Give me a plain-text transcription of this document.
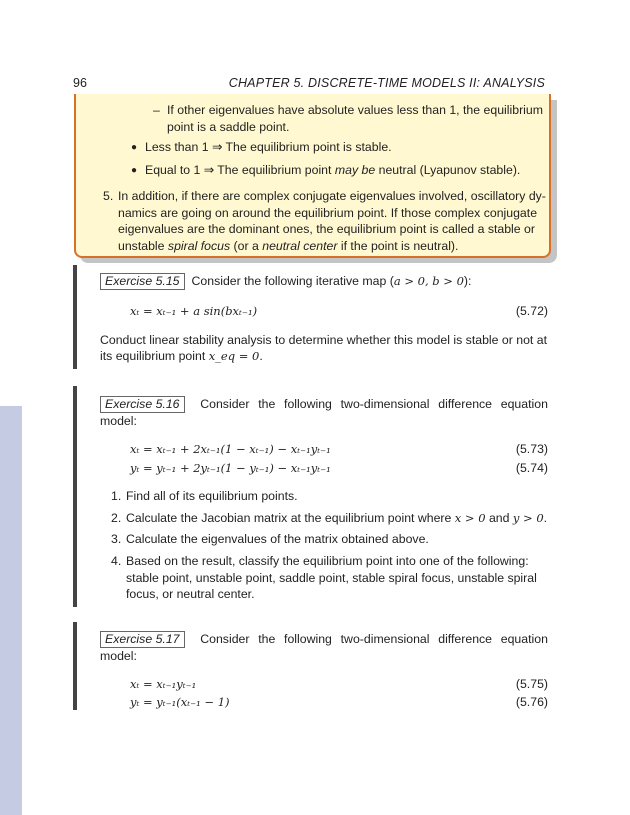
96	CHAPTER 5. DISCRETE-TIME MODELS II: ANALYSIS
– If other eigenvalues have absolute values less than 1, the equilibrium
point is a saddle point.
● Less than 1 ⇒ The equilibrium point is stable.
● Equal to 1 ⇒ The equilibrium point may be neutral (Lyapunov stable).
5. In addition, if there are complex conjugate eigenvalues involved, oscillatory dy-
namics are going on around the equilibrium point. If those complex conjugate
eigenvalues are the dominant ones, the equilibrium point is called a stable or
unstable spiral focus (or a neutral center if the point is neutral).
Exercise 5.15 Consider the following iterative map (a > 0, b > 0):
xₜ = xₜ₋₁ + a sin(bxₜ₋₁)	(5.72)
Conduct linear stability analysis to determine whether this model is stable or not at
its equilibrium point x_eq = 0.
Exercise 5.16	Consider the following two-dimensional difference equation
model:
xₜ = xₜ₋₁ + 2xₜ₋₁(1 − xₜ₋₁) − xₜ₋₁yₜ₋₁	(5.73)
yₜ = yₜ₋₁ + 2yₜ₋₁(1 − yₜ₋₁) − xₜ₋₁yₜ₋₁	(5.74)
1. Find all of its equilibrium points.
2. Calculate the Jacobian matrix at the equilibrium point where x > 0 and y > 0.
3. Calculate the eigenvalues of the matrix obtained above.
4. Based on the result, classify the equilibrium point into one of the following:
stable point, unstable point, saddle point, stable spiral focus, unstable spiral
focus, or neutral center.
Exercise 5.17	Consider the following two-dimensional difference equation
model:
xₜ = xₜ₋₁yₜ₋₁	(5.75)
yₜ = yₜ₋₁(xₜ₋₁ − 1)	(5.76)
